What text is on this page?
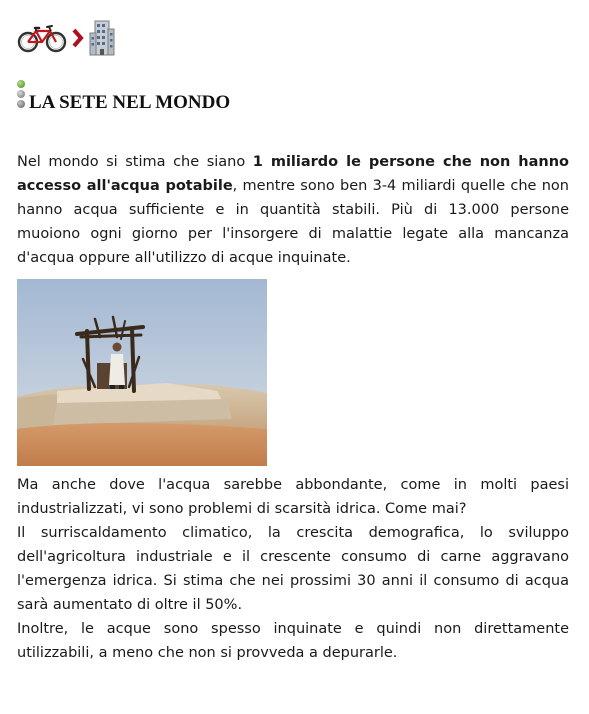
LA SETE NEL MONDO

Nel mondo si stima che siano 1 miliardo le persone che non hanno accesso all'acqua potabile, mentre sono ben 3-4 miliardi quelle che non hanno acqua sufficiente e in quantità stabili. Più di 13.000 persone muoiono ogni giorno per l'insorgere di malattie legate alla mancanza d'acqua oppure all'utilizzo di acque inquinate.

Ma anche dove l'acqua sarebbe abbondante, come in molti paesi industrializzati, vi sono problemi di scarsità idrica. Come mai?
Il surriscaldamento climatico, la crescita demografica, lo sviluppo dell'agricoltura industriale e il crescente consumo di carne aggravano l'emergenza idrica. Si stima che nei prossimi 30 anni il consumo di acqua sarà aumentato di oltre il 50%.
Inoltre, le acque sono spesso inquinate e quindi non direttamente utilizzabili, a meno che non si provveda a depurarle.
